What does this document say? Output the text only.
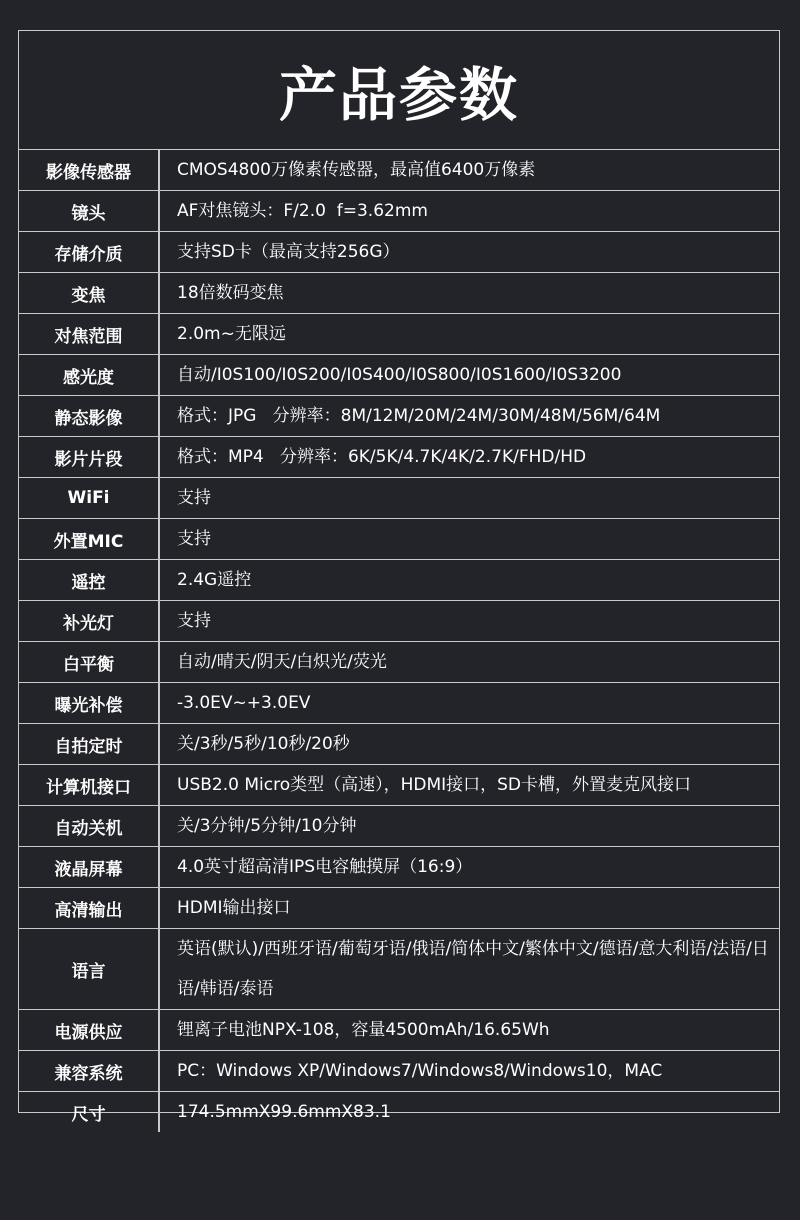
产品参数
影像传感器	CMOS4800万像素传感器，最高值6400万像素
镜头	AF对焦镜头：F/2.0  f=3.62mm
存储介质	支持SD卡（最高支持256G）
变焦	18倍数码变焦
对焦范围	2.0m~无限远
感光度	自动/I0S100/I0S200/I0S400/I0S800/I0S1600/I0S3200
静态影像	格式：JPG   分辨率：8M/12M/20M/24M/30M/48M/56M/64M
影片片段	格式：MP4   分辨率：6K/5K/4.7K/4K/2.7K/FHD/HD
WiFi	支持
外置MIC	支持
遥控	2.4G遥控
补光灯	支持
白平衡	自动/晴天/阴天/白炽光/荧光
曝光补偿	-3.0EV~+3.0EV
自拍定时	关/3秒/5秒/10秒/20秒
计算机接口	USB2.0 Micro类型（高速），HDMI接口，SD卡槽，外置麦克风接口
自动关机	关/3分钟/5分钟/10分钟
液晶屏幕	4.0英寸超高清IPS电容触摸屏（16:9）
高清输出	HDMI输出接口
语言	英语(默认)/西班牙语/葡萄牙语/俄语/简体中文/繁体中文/德语/意大利语/法语/日语/韩语/泰语
电源供应	锂离子电池NPX-108，容量4500mAh/16.65Wh
兼容系统	PC：Windows XP/Windows7/Windows8/Windows10，MAC
尺寸	174.5mmX99.6mmX83.1
